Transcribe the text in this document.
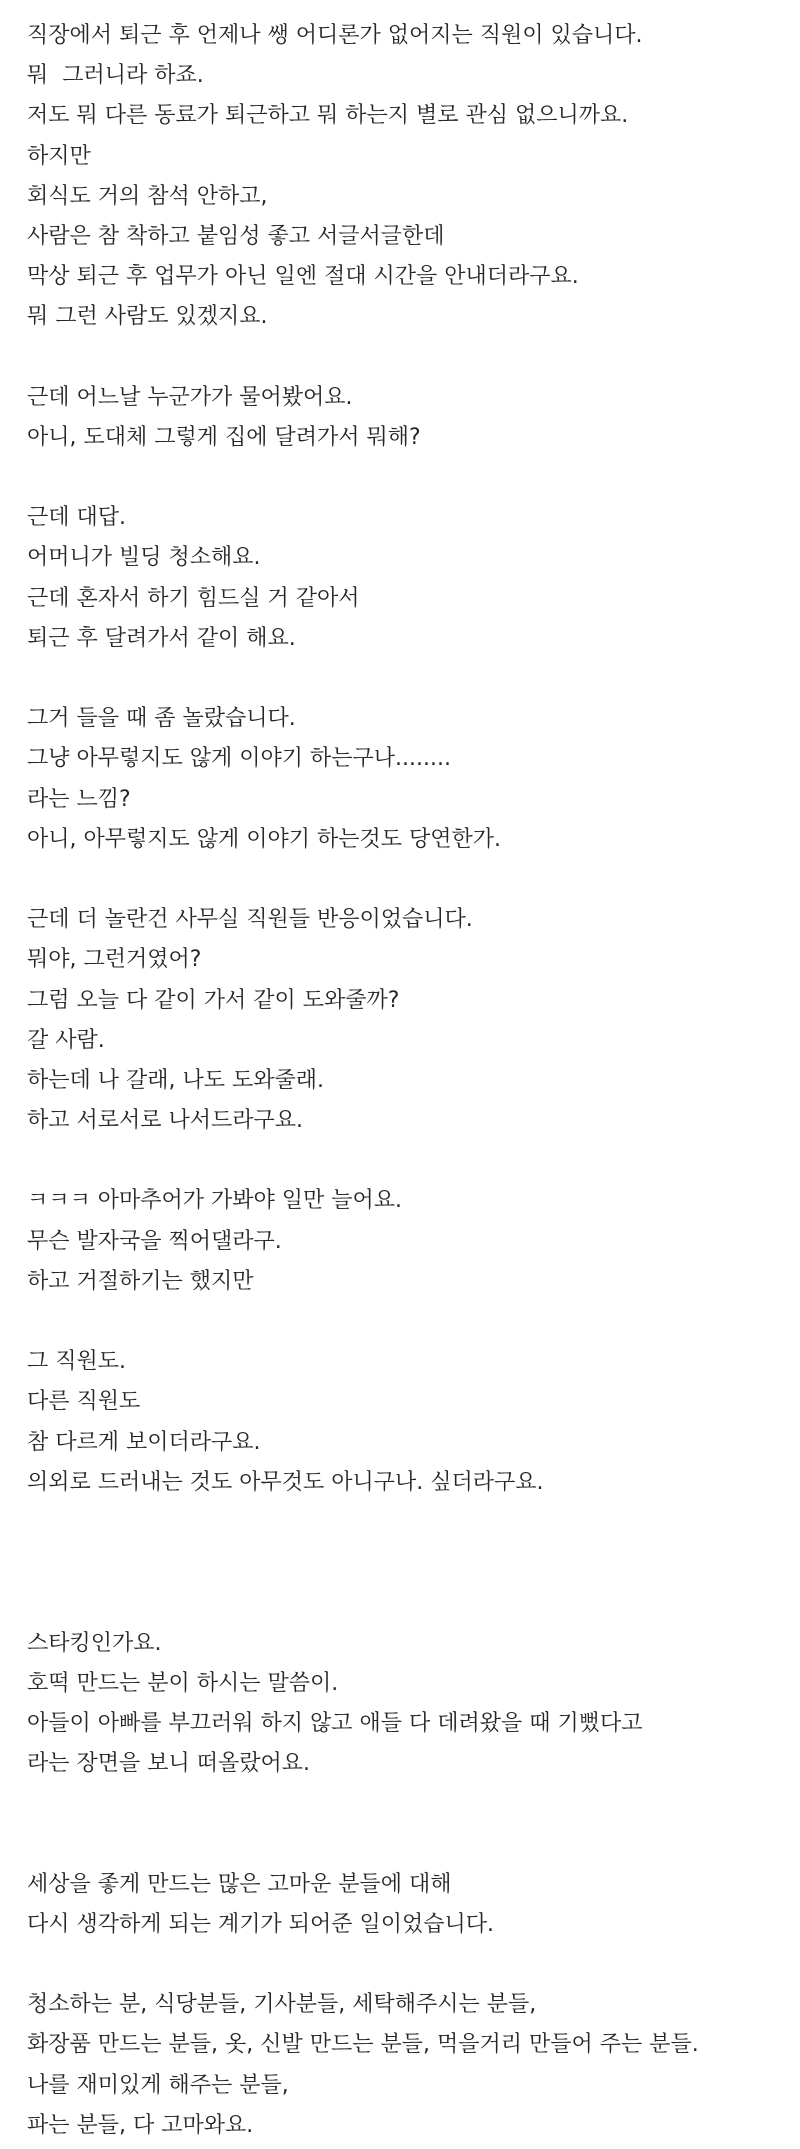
직장에서 퇴근 후 언제나 쌩 어디론가 없어지는 직원이 있습니다.
뭐  그러니라 하죠.
저도 뭐 다른 동료가 퇴근하고 뭐 하는지 별로 관심 없으니까요.
하지만
회식도 거의 참석 안하고,
사람은 참 착하고 붙임성 좋고 서글서글한데
막상 퇴근 후 업무가 아닌 일엔 절대 시간을 안내더라구요.
뭐 그런 사람도 있겠지요.
근데 어느날 누군가가 물어봤어요.
아니, 도대체 그렇게 집에 달려가서 뭐해?
근데 대답.
어머니가 빌딩 청소해요.
근데 혼자서 하기 힘드실 거 같아서
퇴근 후 달려가서 같이 해요.
그거 들을 때 좀 놀랐습니다.
그냥 아무렇지도 않게 이야기 하는구나........
라는 느낌?
아니, 아무렇지도 않게 이야기 하는것도 당연한가.
근데 더 놀란건 사무실 직원들 반응이었습니다.
뭐야, 그런거였어?
그럼 오늘 다 같이 가서 같이 도와줄까?
갈 사람.
하는데 나 갈래, 나도 도와줄래.
하고 서로서로 나서드라구요.
ㅋㅋㅋ 아마추어가 가봐야 일만 늘어요.
무슨 발자국을 찍어댈라구.
하고 거절하기는 했지만
그 직원도.
다른 직원도
참 다르게 보이더라구요.
의외로 드러내는 것도 아무것도 아니구나. 싶더라구요.
스타킹인가요.
호떡 만드는 분이 하시는 말씀이.
아들이 아빠를 부끄러워 하지 않고 애들 다 데려왔을 때 기뻤다고
라는 장면을 보니 떠올랐어요.
세상을 좋게 만드는 많은 고마운 분들에 대해
다시 생각하게 되는 계기가 되어준 일이었습니다.
청소하는 분, 식당분들, 기사분들, 세탁해주시는 분들,
화장품 만드는 분들, 옷, 신발 만드는 분들, 먹을거리 만들어 주는 분들.
나를 재미있게 해주는 분들,
파는 분들, 다 고마와요.
